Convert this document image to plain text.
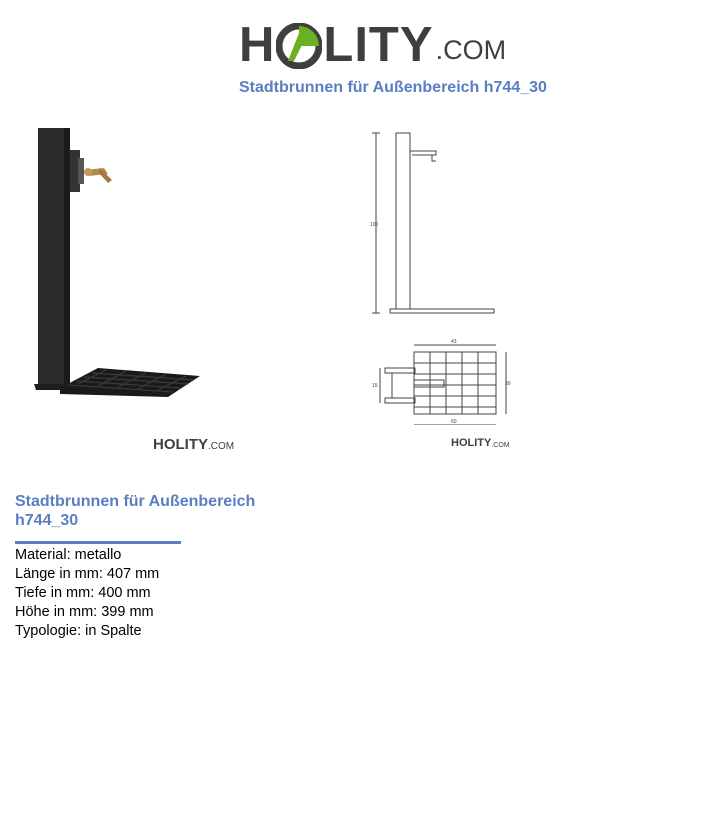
H LITY .COM
Stadtbrunnen für Außenbereich h744_30
HOLITY .COM
100
43
15	30
60
HOLITY .COM
Stadtbrunnen für Außenbereich h744_30
Material: metallo
Länge in mm: 407 mm
Tiefe in mm: 400 mm
Höhe in mm: 399 mm
Typologie: in Spalte
